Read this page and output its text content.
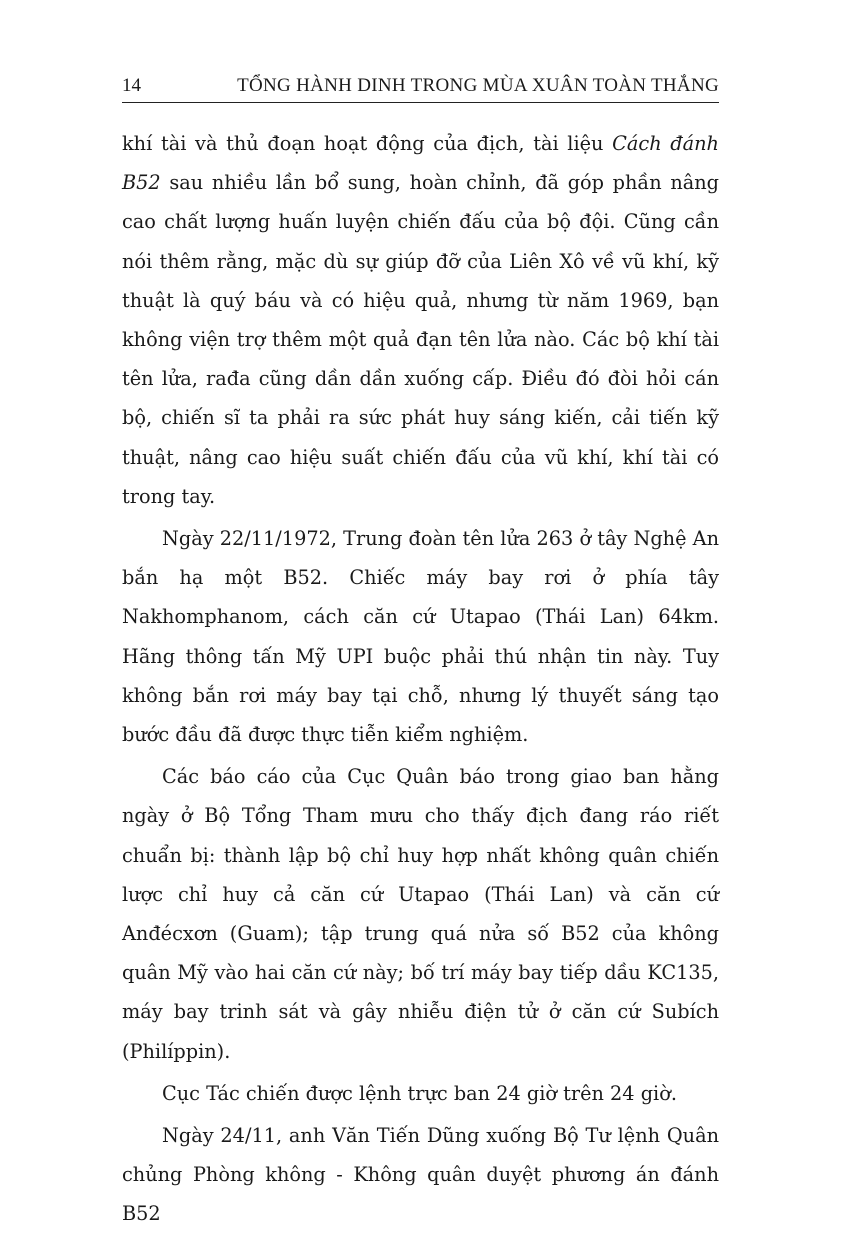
14	TỔNG HÀNH DINH TRONG MÙA XUÂN TOÀN THẮNG

khí tài và thủ đoạn hoạt động của địch, tài liệu Cách đánh B52 sau nhiều lần bổ sung, hoàn chỉnh, đã góp phần nâng cao chất lượng huấn luyện chiến đấu của bộ đội. Cũng cần nói thêm rằng, mặc dù sự giúp đỡ của Liên Xô về vũ khí, kỹ thuật là quý báu và có hiệu quả, nhưng từ năm 1969, bạn không viện trợ thêm một quả đạn tên lửa nào. Các bộ khí tài tên lửa, rađa cũng dần dần xuống cấp. Điều đó đòi hỏi cán bộ, chiến sĩ ta phải ra sức phát huy sáng kiến, cải tiến kỹ thuật, nâng cao hiệu suất chiến đấu của vũ khí, khí tài có trong tay.

Ngày 22/11/1972, Trung đoàn tên lửa 263 ở tây Nghệ An bắn hạ một B52. Chiếc máy bay rơi ở phía tây Nakhomphanom, cách căn cứ Utapao (Thái Lan) 64km. Hãng thông tấn Mỹ UPI buộc phải thú nhận tin này. Tuy không bắn rơi máy bay tại chỗ, nhưng lý thuyết sáng tạo bước đầu đã được thực tiễn kiểm nghiệm.

Các báo cáo của Cục Quân báo trong giao ban hằng ngày ở Bộ Tổng Tham mưu cho thấy địch đang ráo riết chuẩn bị: thành lập bộ chỉ huy hợp nhất không quân chiến lược chỉ huy cả căn cứ Utapao (Thái Lan) và căn cứ Anđécxơn (Guam); tập trung quá nửa số B52 của không quân Mỹ vào hai căn cứ này; bố trí máy bay tiếp dầu KC135, máy bay trinh sát và gây nhiễu điện tử ở căn cứ Subích (Philíppin).

Cục Tác chiến được lệnh trực ban 24 giờ trên 24 giờ.

Ngày 24/11, anh Văn Tiến Dũng xuống Bộ Tư lệnh Quân chủng Phòng không - Không quân duyệt phương án đánh B52
